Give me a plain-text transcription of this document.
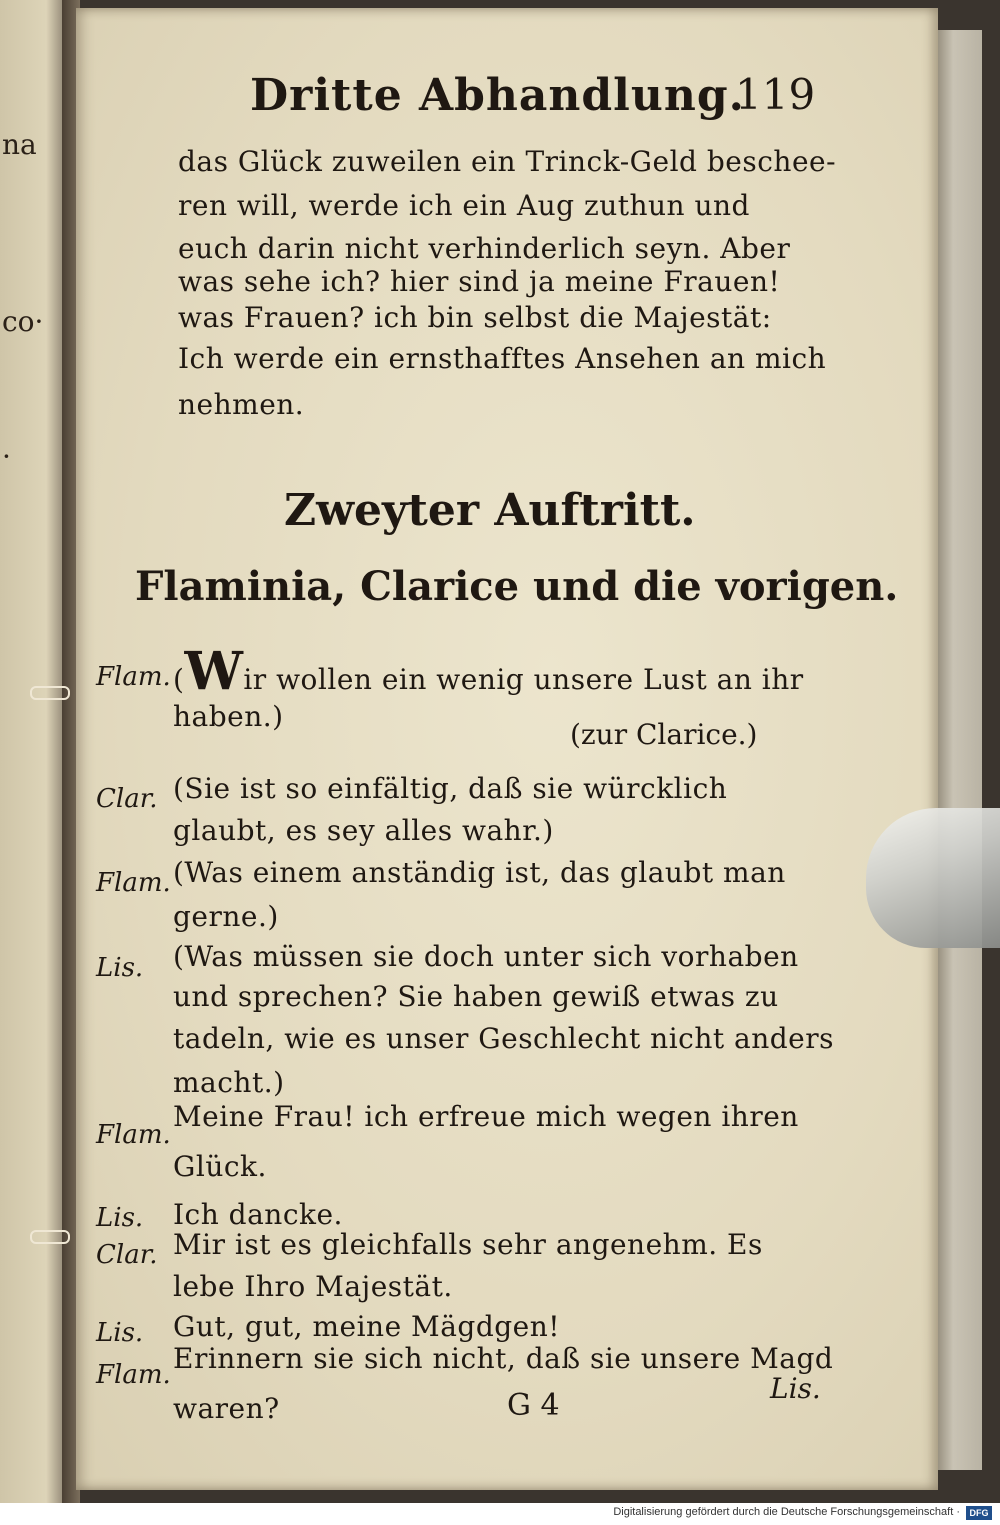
na
co·
·
Dritte Abhandlung.
119
das Glück zuweilen ein Trinck-Geld beschee-
ren will, werde ich ein Aug zuthun und
euch darin nicht verhinderlich seyn. Aber
was sehe ich? hier sind ja meine Frauen!
was Frauen? ich bin selbst die Majestät:
Ich werde ein ernsthafftes Ansehen an mich
nehmen.
Zweyter Auftritt.
Flaminia, Clarice und die vorigen.
Flam. (Wir wollen ein wenig unsere Lust an ihr
haben.)
(zur Clarice.)
Clar. (Sie ist so einfältig, daß sie würcklich
glaubt, es sey alles wahr.)
Flam. (Was einem anständig ist, das glaubt man
gerne.)
Lis. (Was müssen sie doch unter sich vorhaben
und sprechen? Sie haben gewiß etwas zu
tadeln, wie es unser Geschlecht nicht anders
macht.)
Flam.
Meine Frau! ich erfreue mich wegen ihren
Glück.
Lis. Ich dancke.
Clar. Mir ist es gleichfalls sehr angenehm. Es
lebe Ihro Majestät.
Lis. Gut, gut, meine Mägdgen!
Flam. Erinnern sie sich nicht, daß sie unsere Magd
waren?	G 4	Lis.
Digitalisierung gefördert durch die Deutsche Forschungsgemeinschaft ·	DFG
